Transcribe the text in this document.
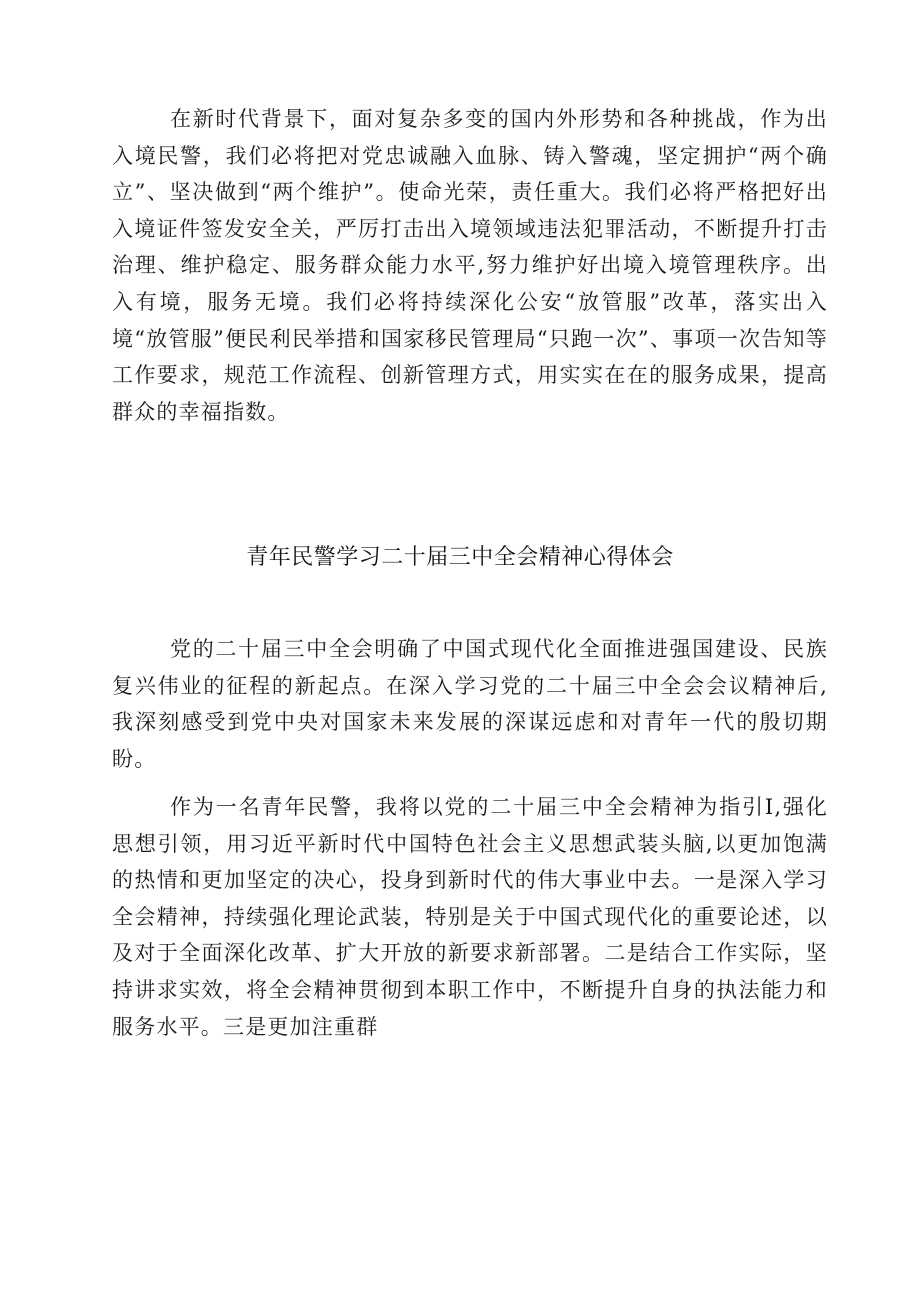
在新时代背景下，面对复杂多变的国内外形势和各种挑战，作为出入境民警，我们必将把对党忠诚融入血脉、铸入警魂，坚定拥护“两个确立”、坚决做到“两个维护”。使命光荣，责任重大。我们必将严格把好出入境证件签发安全关，严厉打击出入境领域违法犯罪活动，不断提升打击治理、维护稳定、服务群众能力水平,努力维护好出境入境管理秩序。出入有境，服务无境。我们必将持续深化公安“放管服”改革，落实出入境“放管服”便民利民举措和国家移民管理局“只跑一次”、事项一次告知等工作要求，规范工作流程、创新管理方式，用实实在在的服务成果，提高群众的幸福指数。

青年民警学习二十届三中全会精神心得体会

党的二十届三中全会明确了中国式现代化全面推进强国建设、民族复兴伟业的征程的新起点。在深入学习党的二十届三中全会会议精神后,我深刻感受到党中央对国家未来发展的深谋远虑和对青年一代的殷切期盼。

作为一名青年民警，我将以党的二十届三中全会精神为指引I,强化思想引领，用习近平新时代中国特色社会主义思想武装头脑,以更加饱满的热情和更加坚定的决心，投身到新时代的伟大事业中去。一是深入学习全会精神，持续强化理论武装，特别是关于中国式现代化的重要论述，以及对于全面深化改革、扩大开放的新要求新部署。二是结合工作实际，坚持讲求实效，将全会精神贯彻到本职工作中，不断提升自身的执法能力和服务水平。三是更加注重群
